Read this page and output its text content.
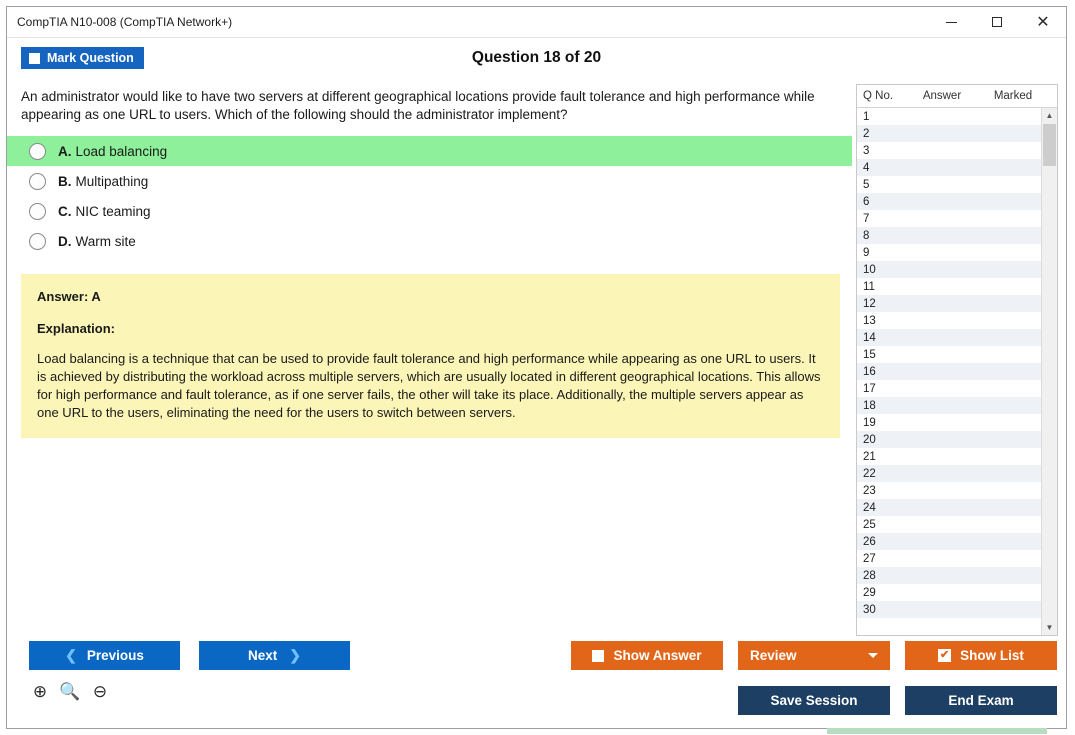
CompTIA N10-008 (CompTIA Network+)	✕
Mark Question	Question 18 of 20
An administrator would like to have two servers at different geographical locations provide fault tolerance and high performance while appearing as one URL to users. Which of the following should the administrator implement?
A. Load balancing
B. Multipathing
C. NIC teaming
D. Warm site
Answer: A
Explanation:
Load balancing is a technique that can be used to provide fault tolerance and high performance while appearing as one URL to users. It is achieved by distributing the workload across multiple servers, which are usually located in different geographical locations. This allows for high performance and fault tolerance, as if one server fails, the other will take its place. Additionally, the multiple servers appear as one URL to the users, eliminating the need for the users to switch between servers.
Q No.	Answer	Marked
1
2
3
4
5
6
7
8
9
10
11
12
13
14
15
16
17
18
19
20
21
22
23
24
25
26
27
28
29
30
▲
▼
❮ Previous	Next ❯	Show Answer	Review	✔ Show List
Save Session	End Exam
⊕ 🔍 ⊖
